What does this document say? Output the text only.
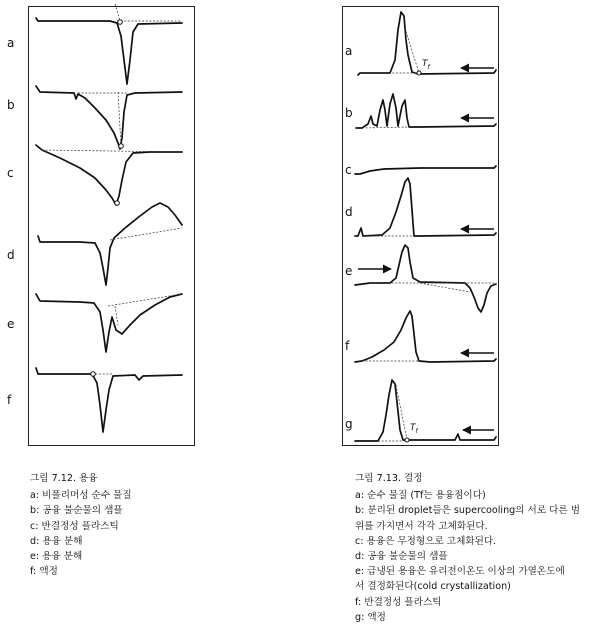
a
b
c
d
e
f
a
b
c
d
e
f
g
$T_f$
$T_f$
그림 7.12. 용융
a: 비폴리머성 순수 물질
b: 공융 불순물의 샘플
c: 반결정성 플라스틱
d: 용융 분해
e: 용융 분해
f: 액정
그림 7.13. 결정
a: 순수 물질 (Tf는 용융점이다)
b: 분리된 droplet들은 supercooling의 서로 다른 범
위를 가지면서 각각 고체화된다.
c: 용융은 무정형으로 고체화된다.
d: 공융 불순물의 샘플
e: 급냉된 용융은 유리전이온도 이상의 가열온도에
서 결정화된다(cold crystallization)
f: 반결정성 플라스틱
g: 액정
